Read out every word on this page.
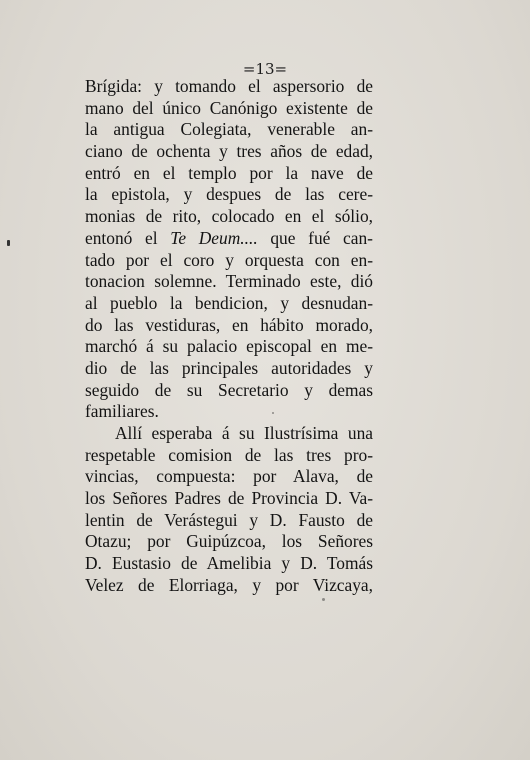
=13=
Brígida: y tomando el aspersorio de
mano del único Canónigo existente de
la antigua Colegiata, venerable an-
ciano de ochenta y tres años de edad,
entró en el templo por la nave de
la epistola, y despues de las cere-
monias de rito, colocado en el sólio,
entonó el Te Deum.... que fué can-
tado por el coro y orquesta con en-
tonacion solemne. Terminado este, dió
al pueblo la bendicion, y desnudan-
do las vestiduras, en hábito morado,
marchó á su palacio episcopal en me-
dio de las principales autoridades y
seguido de su Secretario y demas
familiares.
Allí esperaba á su Ilustrísima una
respetable comision de las tres pro-
vincias, compuesta: por Alava, de
los Señores Padres de Provincia D. Va-
lentin de Verástegui y D. Fausto de
Otazu; por Guipúzcoa, los Señores
D. Eustasio de Amelibia y D. Tomás
Velez de Elorriaga, y por Vizcaya,
